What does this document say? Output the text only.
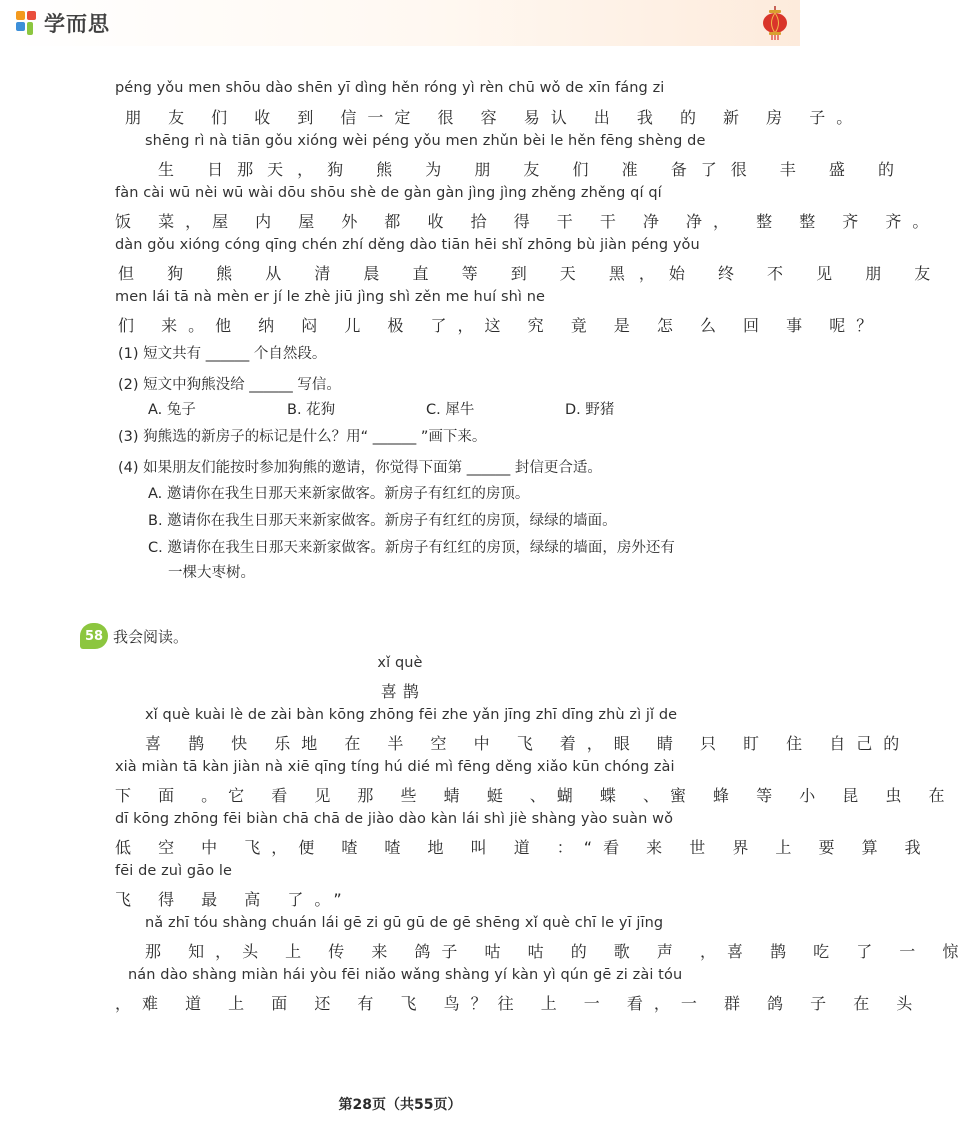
学而思
péng yǒu men shōu dào shēn yī dìng hěn róng yì rèn chū wǒ de xīn fáng zi
朋 友 们 收 到 信一定 很 容 易认 出 我 的 新 房 子。
shēng rì nà tiān gǒu xióng wèi péng yǒu men zhǔn bèi le hěn fēng shèng de
生 日那天，狗 熊 为 朋 友 们 准 备了很 丰 盛 的
fàn cài wū nèi wū wài dōu shōu shè de gàn gàn jìng jìng zhěng zhěng qí qí
饭 菜，屋 内 屋 外 都 收 拾 得 干 干 净 净， 整 整 齐 齐。
dàn gǒu xióng cóng qīng chén zhí děng dào tiān hēi shǐ zhōng bù jiàn péng yǒu
但 狗 熊 从 清 晨 直 等 到 天 黑，始 终 不 见 朋 友
men lái tā nà mèn er jí le zhè jiū jìng shì zěn me huí shì ne
们 来。他 纳 闷 儿 极 了，这 究 竟 是 怎 么 回 事 呢？
(1) 短文共有 ______ 个自然段。
(2) 短文中狗熊没给 ______ 写信。
A. 兔子	B. 花狗	C. 犀牛	D. 野猪
(3) 狗熊选的新房子的标记是什么？用“ ______ ”画下来。
(4) 如果朋友们能按时参加狗熊的邀请，你觉得下面第 ______ 封信更合适。
A. 邀请你在我生日那天来新家做客。新房子有红红的房顶。
B. 邀请你在我生日那天来新家做客。新房子有红红的房顶，绿绿的墙面。
C. 邀请你在我生日那天来新家做客。新房子有红红的房顶，绿绿的墙面，房外还有
一棵大枣树。
58 我会阅读。
xǐ què
喜 鹊
xǐ què kuài lè de zài bàn kōng zhōng fēi zhe yǎn jīng zhī dīng zhù zì jǐ de
喜 鹊 快 乐地 在 半 空 中 飞 着，眼 睛 只 盯 住 自己的
xià miàn tā kàn jiàn nà xiē qīng tíng hú dié mì fēng děng xiǎo kūn chóng zài
下 面 。它 看 见 那 些 蜻 蜓 、蝴 蝶 、蜜 蜂 等 小 昆 虫 在
dī kōng zhōng fēi biàn chā chā de jiào dào kàn lái shì jiè shàng yào suàn wǒ
低 空 中 飞，便 喳 喳 地 叫 道 ：“看 来 世 界 上 要 算 我
fēi de zuì gāo le
飞 得 最 高 了。”
nǎ zhī tóu shàng chuán lái gē zi gū gū de gē shēng xǐ què chī le yī jīng
那 知，头 上 传 来 鸽子 咕 咕 的 歌 声 ，喜 鹊 吃 了 一 惊
nán dào shàng miàn hái yòu fēi niǎo wǎng shàng yí kàn yì qún gē zi zài tóu
，难 道 上 面 还 有 飞 鸟？往 上 一 看，一 群 鸽 子 在 头
第28页（共55页）
